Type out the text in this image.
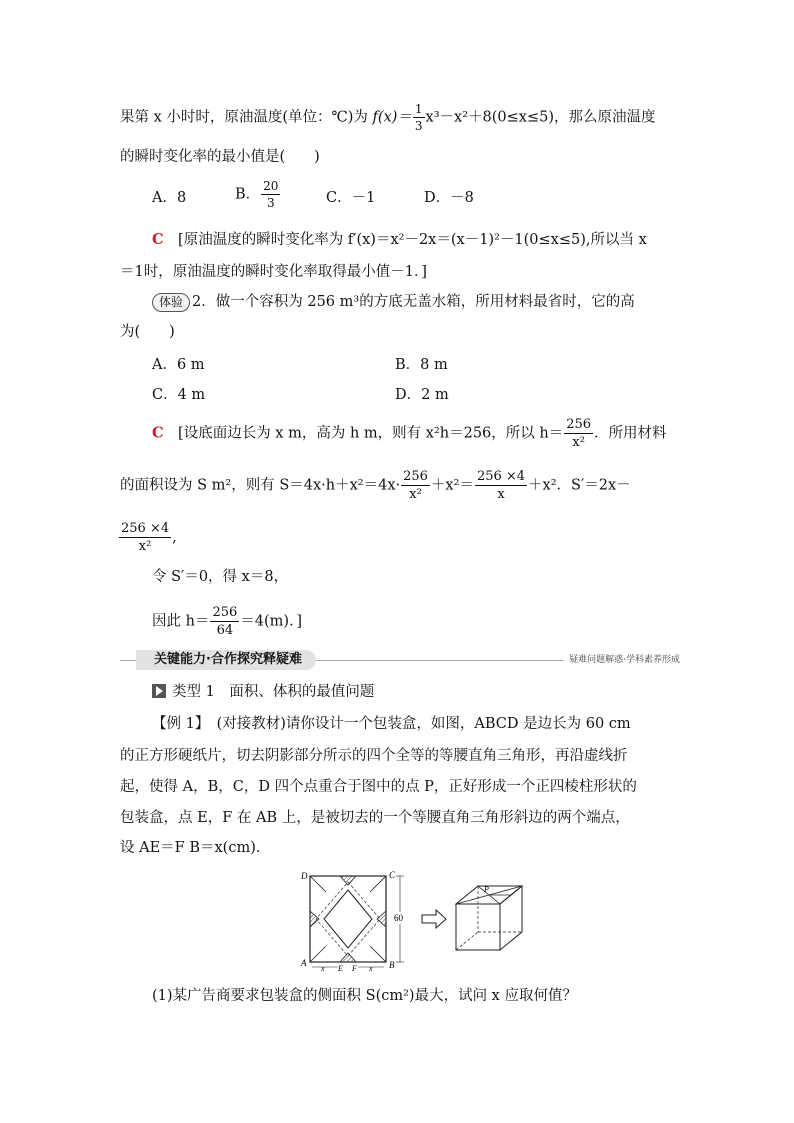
果第 x 小时时，原油温度(单位：℃)为 $f(x)= \frac{1}{3} x^3-x^2+8(0\le x\le 5)$，那么原油温度
的瞬时变化率的最小值是(　　)
A．8	B． $\frac{20}{3}$	C．－1	D．－8
C　 [原油温度的瞬时变化率为 f′(x)＝x²－2x＝(x－1)²－1(0≤x≤5),所以当 x
＝1时，原油温度的瞬时变化率取得最小值－1．]
体验 2．做一个容积为 256 m³的方底无盖水箱，所用材料最省时，它的高
为(　　)
A．6 m	B．8 m
C．4 m	D．2 m
C　 [设底面边长为 x m，高为 h m，则有 x²h＝256，所以 $h= \frac{256}{\text{x²}}$ ．所用材料
的面积设为 S m²，则有 $S=4x\cdot h+x^2=4x\cdot \frac{256}{\text{x²}} +x^2= \frac{256 \times 4}{x} +x^2$．S′＝2x－
$\frac{256 \times 4}{\text{x²}}$ ,
令 S′＝0，得 x＝8，
因此 $h= \frac{256}{64} =4(m)$．]
关键能力·合作探究释疑难	疑难问题解惑·学科素养形成
类型 1　面积、体积的最值问题
【例 1】　(对接教材)请你设计一个包装盒，如图，ABCD 是边长为 60 cm
的正方形硬纸片，切去阴影部分所示的四个全等的等腰直角三角形，再沿虚线折
起，使得 A，B，C，D 四个点重合于图中的点 P，正好形成一个正四棱柱形状的
包装盒，点 E，F 在 AB 上，是被切去的一个等腰直角三角形斜边的两个端点，
设 AE＝F B＝x(cm)．
D	C
A	B
E F
x	x
60
P
(1)某广告商要求包装盒的侧面积 S(cm²)最大，试问 x 应取何值？
